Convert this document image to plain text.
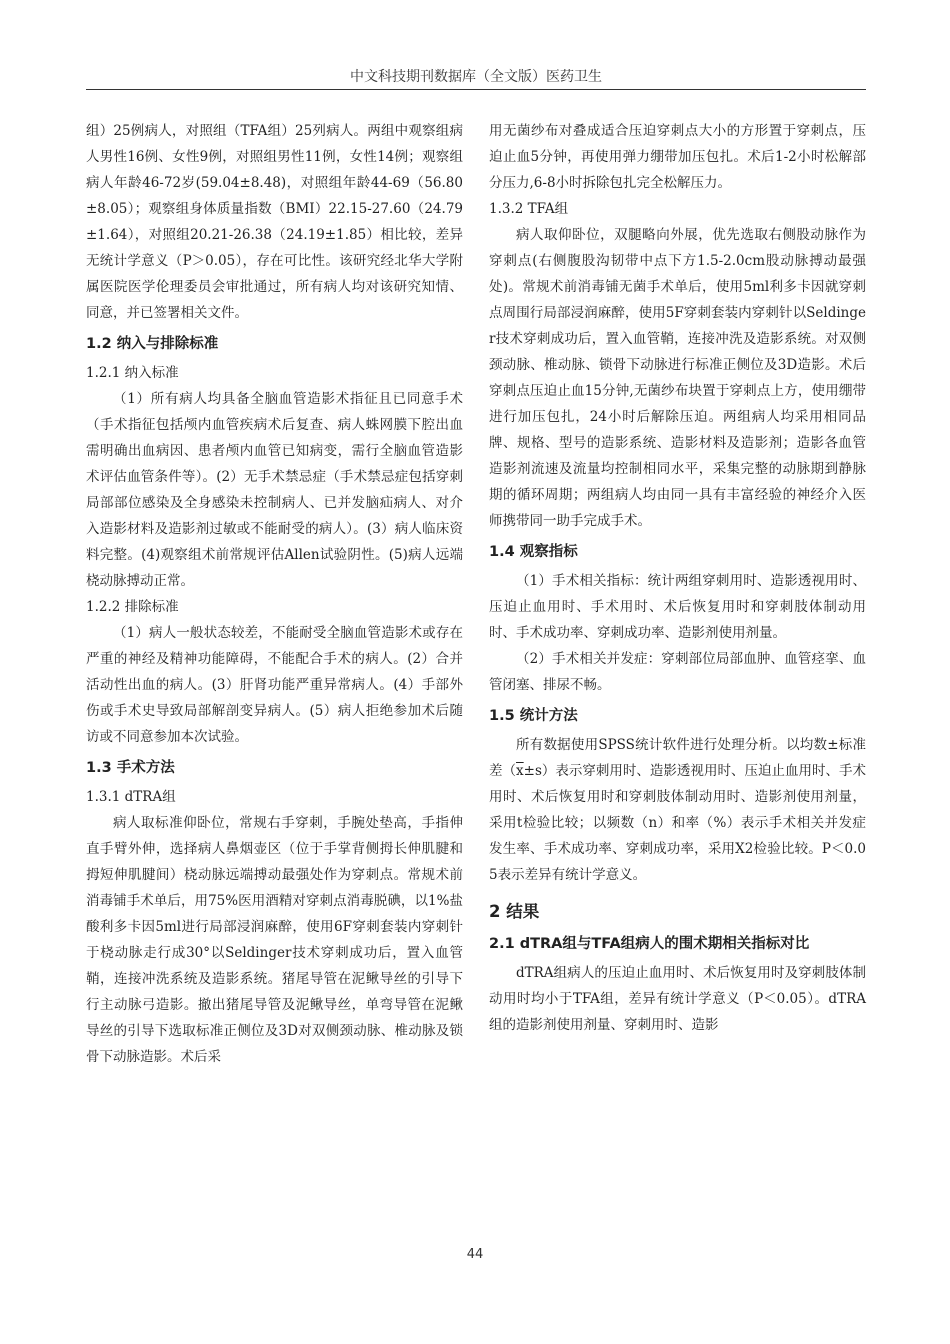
中文科技期刊数据库（全文版）医药卫生

组）25例病人，对照组（TFA组）25列病人。两组中观察组病人男性16例、女性9例，对照组男性11例，女性14例；观察组病人年龄46-72岁(59.04±8.48)，对照组年龄44-69（56.80±8.05）；观察组身体质量指数（BMI）22.15-27.60（24.79±1.64），对照组20.21-26.38（24.19±1.85）相比较，差异无统计学意义（P＞0.05），存在可比性。该研究经北华大学附属医院医学伦理委员会审批通过，所有病人均对该研究知情、同意，并已签署相关文件。

1.2 纳入与排除标准
1.2.1 纳入标准

（1）所有病人均具备全脑血管造影术指征且已同意手术（手术指征包括颅内血管疾病术后复查、病人蛛网膜下腔出血需明确出血病因、患者颅内血管已知病变，需行全脑血管造影术评估血管条件等）。(2）无手术禁忌症（手术禁忌症包括穿刺局部部位感染及全身感染未控制病人、已并发脑疝病人、对介入造影材料及造影剂过敏或不能耐受的病人）。(3）病人临床资料完整。(4)观察组术前常规评估Allen试验阴性。(5)病人远端桡动脉搏动正常。

1.2.2 排除标准

（1）病人一般状态较差，不能耐受全脑血管造影术或存在严重的神经及精神功能障碍，不能配合手术的病人。(2）合并活动性出血的病人。(3）肝肾功能严重异常病人。(4）手部外伤或手术史导致局部解剖变异病人。(5）病人拒绝参加术后随访或不同意参加本次试验。

1.3 手术方法
1.3.1 dTRA组

病人取标准仰卧位，常规右手穿刺，手腕处垫高，手指伸直手臂外伸，选择病人鼻烟壶区（位于手掌背侧拇长伸肌腱和拇短伸肌腱间）桡动脉远端搏动最强处作为穿刺点。常规术前消毒铺手术单后，用75%医用酒精对穿刺点消毒脱碘，以1%盐酸利多卡因5ml进行局部浸润麻醉，使用6F穿刺套装内穿刺针于桡动脉走行成30°以Seldinger技术穿刺成功后，置入血管鞘，连接冲洗系统及造影系统。猪尾导管在泥鳅导丝的引导下行主动脉弓造影。撤出猪尾导管及泥鳅导丝，单弯导管在泥鳅导丝的引导下选取标准正侧位及3D对双侧颈动脉、椎动脉及锁骨下动脉造影。术后采

用无菌纱布对叠成适合压迫穿刺点大小的方形置于穿刺点，压迫止血5分钟，再使用弹力绷带加压包扎。术后1-2小时松解部分压力,6-8小时拆除包扎完全松解压力。

1.3.2 TFA组

病人取仰卧位，双腿略向外展，优先选取右侧股动脉作为穿刺点(右侧腹股沟韧带中点下方1.5-2.0cm股动脉搏动最强处)。常规术前消毒铺无菌手术单后，使用5ml利多卡因就穿刺点周围行局部浸润麻醉，使用5F穿刺套装内穿刺针以Seldinger技术穿刺成功后，置入血管鞘，连接冲洗及造影系统。对双侧颈动脉、椎动脉、锁骨下动脉进行标准正侧位及3D造影。术后穿刺点压迫止血15分钟,无菌纱布块置于穿刺点上方，使用绷带进行加压包扎，24小时后解除压迫。两组病人均采用相同品牌、规格、型号的造影系统、造影材料及造影剂；造影各血管造影剂流速及流量均控制相同水平，采集完整的动脉期到静脉期的循环周期；两组病人均由同一具有丰富经验的神经介入医师携带同一助手完成手术。

1.4 观察指标

（1）手术相关指标：统计两组穿刺用时、造影透视用时、压迫止血用时、手术用时、术后恢复用时和穿刺肢体制动用时、手术成功率、穿刺成功率、造影剂使用剂量。

（2）手术相关并发症：穿刺部位局部血肿、血管痉挛、血管闭塞、排尿不畅。

1.5 统计方法

所有数据使用SPSS统计软件进行处理分析。以均数±标准差$(\overline{x}\pm s)$表示穿刺用时、造影透视用时、压迫止血用时、手术用时、术后恢复用时和穿刺肢体制动用时、造影剂使用剂量，采用t检验比较；以频数（n）和率（%）表示手术相关并发症发生率、手术成功率、穿刺成功率，采用X2检验比较。P＜0.05表示差异有统计学意义。

2 结果
2.1 dTRA组与TFA组病人的围术期相关指标对比

dTRA组病人的压迫止血用时、术后恢复用时及穿刺肢体制动用时均小于TFA组，差异有统计学意义（P＜0.05）。dTRA组的造影剂使用剂量、穿刺用时、造影

44
